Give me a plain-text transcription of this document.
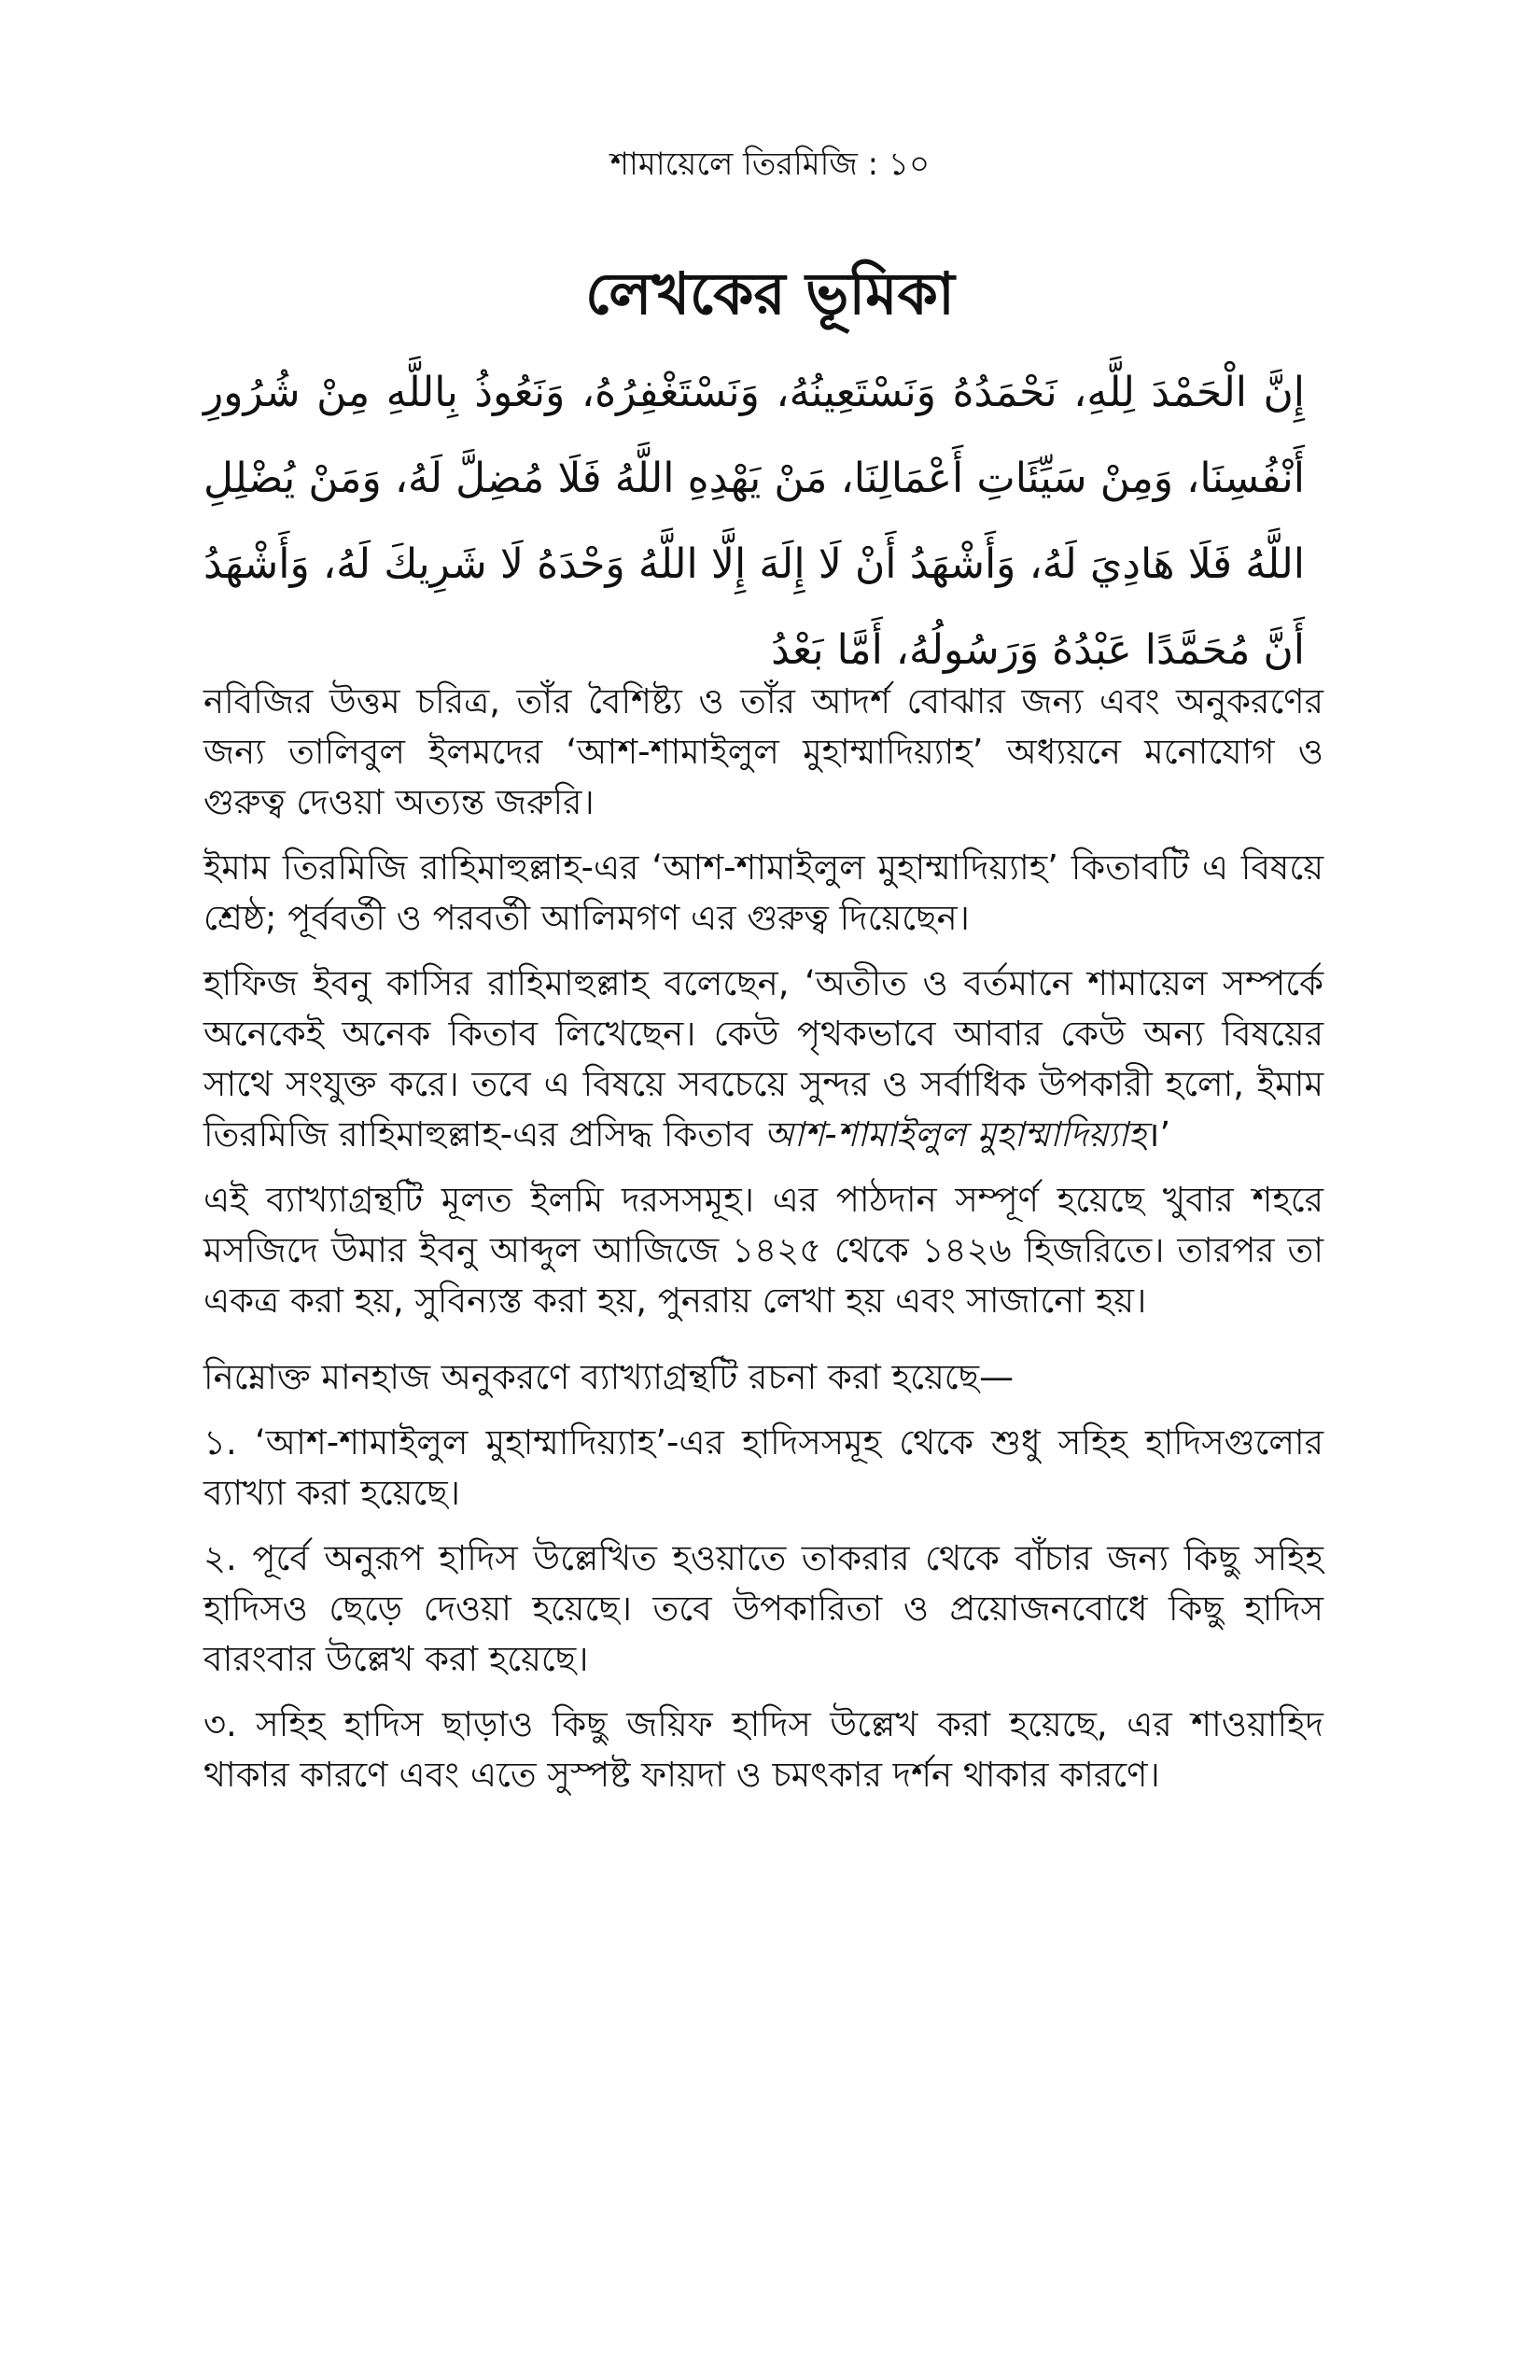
শামায়েলে তিরমিজি : ১০
লেখকের ভূমিকা
إِنَّ الْحَمْدَ لِلَّهِ، نَحْمَدُهُ وَنَسْتَعِينُهُ، وَنَسْتَغْفِرُهُ، وَنَعُوذُ بِاللَّهِ مِنْ شُرُورِ أَنْفُسِنَا، وَمِنْ سَيِّئَاتِ أَعْمَالِنَا، مَنْ يَهْدِهِ اللَّهُ فَلَا مُضِلَّ لَهُ، وَمَنْ يُضْلِلِ اللَّهُ فَلَا هَادِيَ لَهُ، وَأَشْهَدُ أَنْ لَا إِلَهَ إِلَّا اللَّهُ وَحْدَهُ لَا شَرِيكَ لَهُ، وَأَشْهَدُ أَنَّ مُحَمَّدًا عَبْدُهُ وَرَسُولُهُ، أَمَّا بَعْدُ

নবিজির উত্তম চরিত্র, তাঁর বৈশিষ্ট্য ও তাঁর আদর্শ বোঝার জন্য এবং অনুকরণের জন্য তালিবুল ইলমদের ‘আশ-শামাইলুল মুহাম্মাদিয়্যাহ’ অধ্যয়নে মনোযোগ ও গুরুত্ব দেওয়া অত্যন্ত জরুরি।

ইমাম তিরমিজি রাহিমাহুল্লাহ-এর ‘আশ-শামাইলুল মুহাম্মাদিয়্যাহ’ কিতাবটি এ বিষয়ে শ্রেষ্ঠ; পূর্ববর্তী ও পরবর্তী আলিমগণ এর গুরুত্ব দিয়েছেন।

হাফিজ ইবনু কাসির রাহিমাহুল্লাহ বলেছেন, ‘অতীত ও বর্তমানে শামায়েল সম্পর্কে অনেকেই অনেক কিতাব লিখেছেন। কেউ পৃথকভাবে আবার কেউ অন্য বিষয়ের সাথে সংযুক্ত করে। তবে এ বিষয়ে সবচেয়ে সুন্দর ও সর্বাধিক উপকারী হলো, ইমাম তিরমিজি রাহিমাহুল্লাহ-এর প্রসিদ্ধ কিতাব আশ-শামাইলুল মুহাম্মাদিয়্যাহ।’

এই ব্যাখ্যাগ্রন্থটি মূলত ইলমি দরসসমূহ। এর পাঠদান সম্পূর্ণ হয়েছে খুবার শহরে মসজিদে উমার ইবনু আব্দুল আজিজে ১৪২৫ থেকে ১৪২৬ হিজরিতে। তারপর তা একত্র করা হয়, সুবিন্যস্ত করা হয়, পুনরায় লেখা হয় এবং সাজানো হয়।

নিম্নোক্ত মানহাজ অনুকরণে ব্যাখ্যাগ্রন্থটি রচনা করা হয়েছে—

১. ‘আশ-শামাইলুল মুহাম্মাদিয়্যাহ’-এর হাদিসসমূহ থেকে শুধু সহিহ হাদিসগুলোর ব্যাখ্যা করা হয়েছে।

২. পূর্বে অনুরূপ হাদিস উল্লেখিত হওয়াতে তাকরার থেকে বাঁচার জন্য কিছু সহিহ হাদিসও ছেড়ে দেওয়া হয়েছে। তবে উপকারিতা ও প্রয়োজনবোধে কিছু হাদিস বারংবার উল্লেখ করা হয়েছে।

৩. সহিহ হাদিস ছাড়াও কিছু জয়িফ হাদিস উল্লেখ করা হয়েছে, এর শাওয়াহিদ থাকার কারণে এবং এতে সুস্পষ্ট ফায়দা ও চমৎকার দর্শন থাকার কারণে।
